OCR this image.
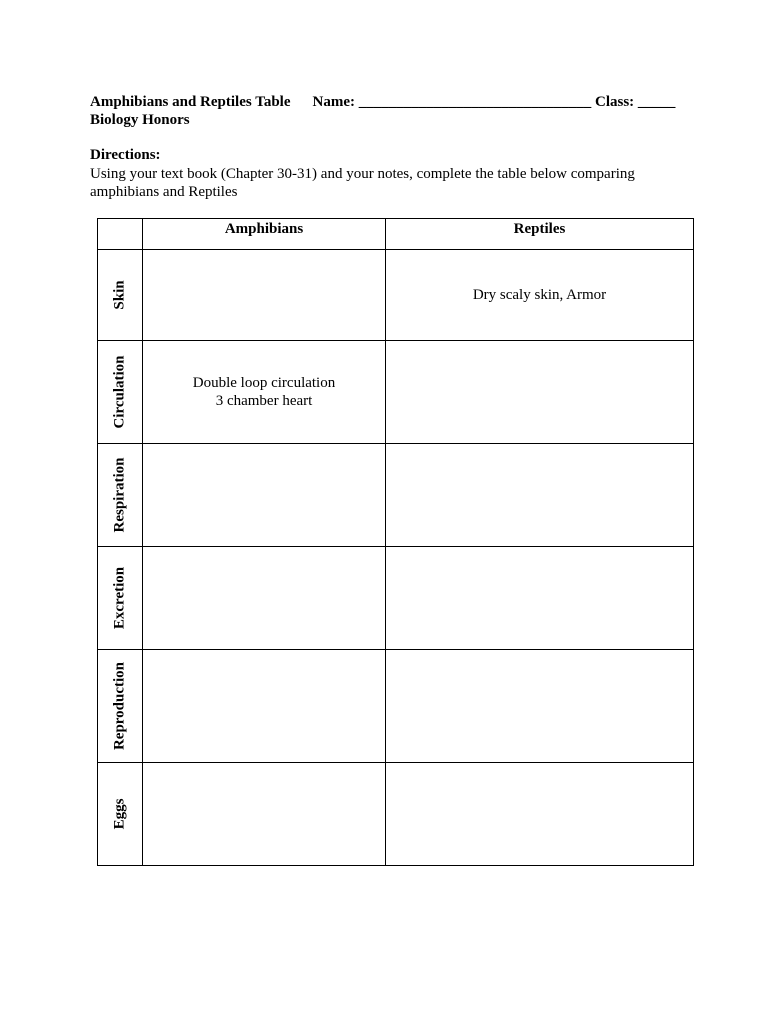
Amphibians and Reptiles Table Name: _______________________________ Class: _____
Biology Honors
Directions:
Using your text book (Chapter 30-31) and your notes, complete the table below comparing amphibians and Reptiles
	Amphibians	Reptiles

Skin		Dry scaly skin, Armor

Circulation	Double loop circulation
3 chamber heart	

Respiration		

Excretion		

Reproduction		

Eggs		
